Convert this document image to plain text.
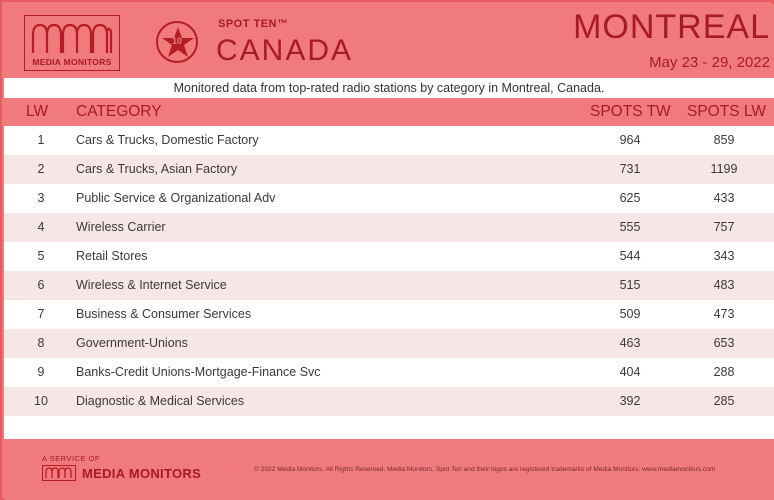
MEDIA MONITORS
10
SPOT TEN™
CANADA
MONTREAL
May 23 - 29, 2022
Monitored data from top-rated radio stations by category in Montreal, Canada.
LW CATEGORY	SPOTS TW SPOTS LW
1	Cars & Trucks, Domestic Factory	964	859
2	Cars & Trucks, Asian Factory	731	1199
3	Public Service & Organizational Adv	625	433
4	Wireless Carrier	555	757
5	Retail Stores	544	343
6	Wireless & Internet Service	515	483
7	Business & Consumer Services	509	473
8	Government-Unions	463	653
9	Banks-Credit Unions-Mortgage-Finance Svc	404	288
10	Diagnostic & Medical Services	392	285
A SERVICE OF
MEDIA MONITORS	© 2022 Media Monitors. All Rights Reserved. Media Monitors, Spot Ten and their logos are registered trademarks of Media Monitors. www.mediamonitors.com
